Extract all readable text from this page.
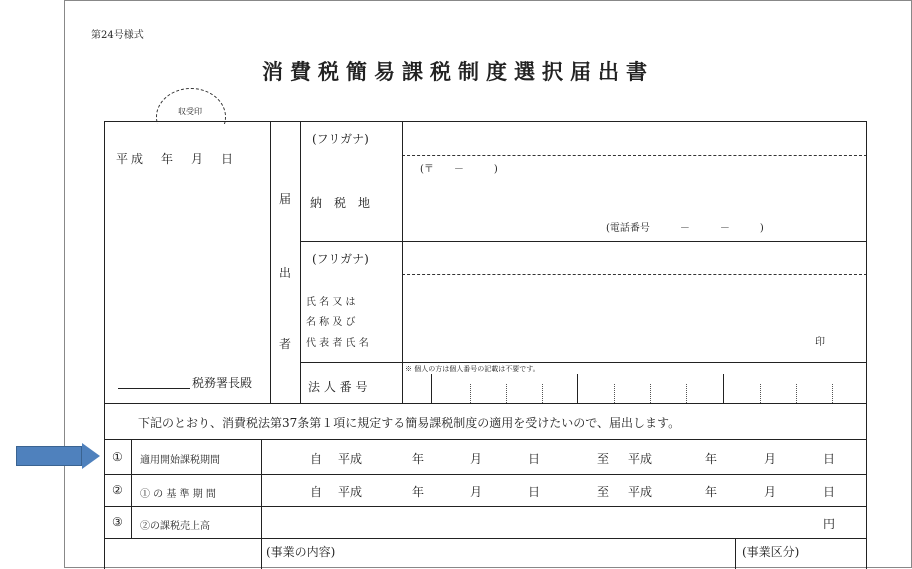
第24号様式
消費税簡易課税制度選択届出書
収受印
平成　年　月　日
税務署長殿
届
出
者
(フリガナ)
納　税　地
(〒　　－　　　)
(電話番号　　　－　　　－　　　)
(フリガナ)
氏 名 又 は
名 称 及 び
代 表 者 氏 名	印
法 人 番 号
※ 個人の方は個人番号の記載は不要です。
下記のとおり、消費税法第37条第１項に規定する簡易課税制度の適用を受けたいので、届出します。
① 適用開始課税期間	自 平成	年	月	日	至 平成	年	月	日
② ① の 基 準 期 間	自 平成	年	月	日	至 平成	年	月	日
③ ②の課税売上高	円
(事業の内容)	(事業区分)
